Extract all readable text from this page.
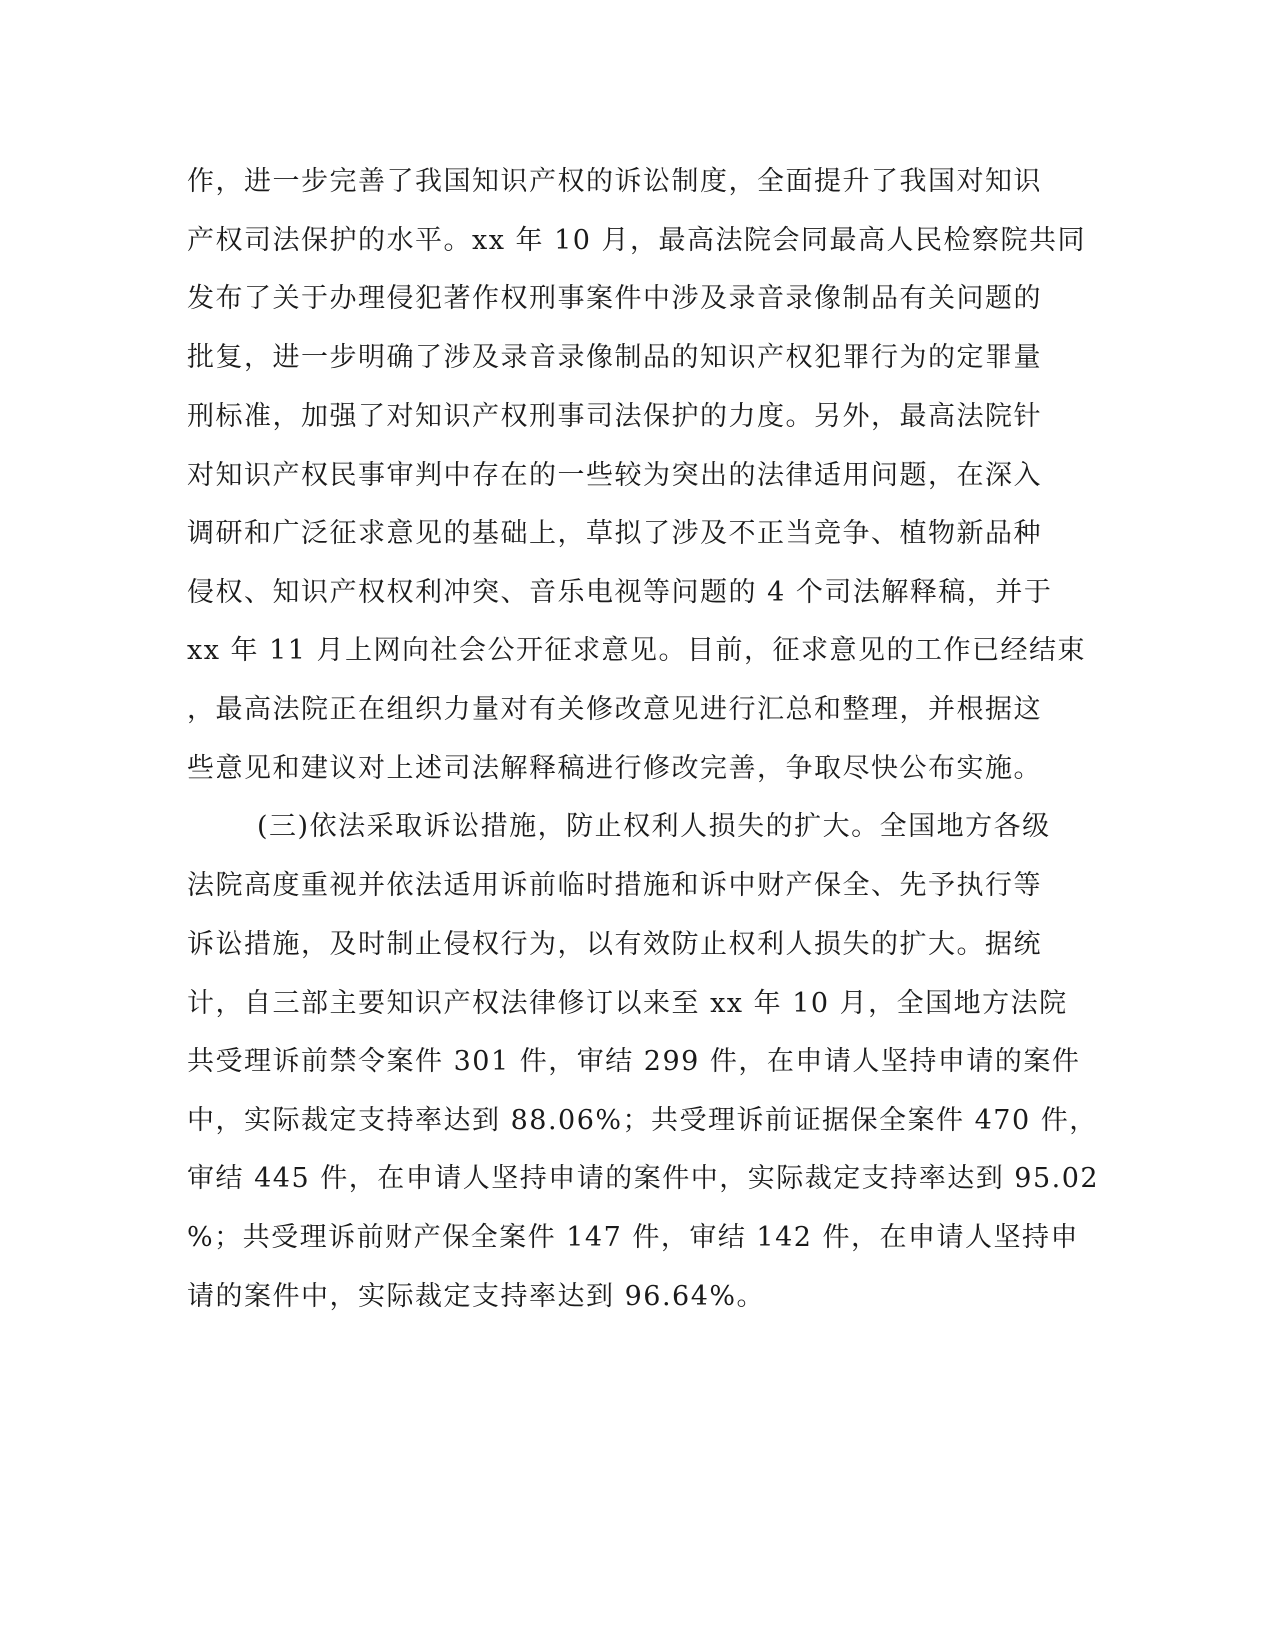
作，进一步完善了我国知识产权的诉讼制度，全面提升了我国对知识
产权司法保护的水平。xx 年 10 月，最高法院会同最高人民检察院共同
发布了关于办理侵犯著作权刑事案件中涉及录音录像制品有关问题的
批复，进一步明确了涉及录音录像制品的知识产权犯罪行为的定罪量
刑标准，加强了对知识产权刑事司法保护的力度。另外，最高法院针
对知识产权民事审判中存在的一些较为突出的法律适用问题，在深入
调研和广泛征求意见的基础上，草拟了涉及不正当竞争、植物新品种
侵权、知识产权权利冲突、音乐电视等问题的 4 个司法解释稿，并于
xx 年 11 月上网向社会公开征求意见。目前，征求意见的工作已经结束
，最高法院正在组织力量对有关修改意见进行汇总和整理，并根据这
些意见和建议对上述司法解释稿进行修改完善，争取尽快公布实施。
(三)依法采取诉讼措施，防止权利人损失的扩大。全国地方各级
法院高度重视并依法适用诉前临时措施和诉中财产保全、先予执行等
诉讼措施，及时制止侵权行为，以有效防止权利人损失的扩大。据统
计，自三部主要知识产权法律修订以来至 xx 年 10 月，全国地方法院
共受理诉前禁令案件 301 件，审结 299 件，在申请人坚持申请的案件
中，实际裁定支持率达到 88.06%；共受理诉前证据保全案件 470 件，
审结 445 件，在申请人坚持申请的案件中，实际裁定支持率达到 95.02
%；共受理诉前财产保全案件 147 件，审结 142 件，在申请人坚持申
请的案件中，实际裁定支持率达到 96.64%。
